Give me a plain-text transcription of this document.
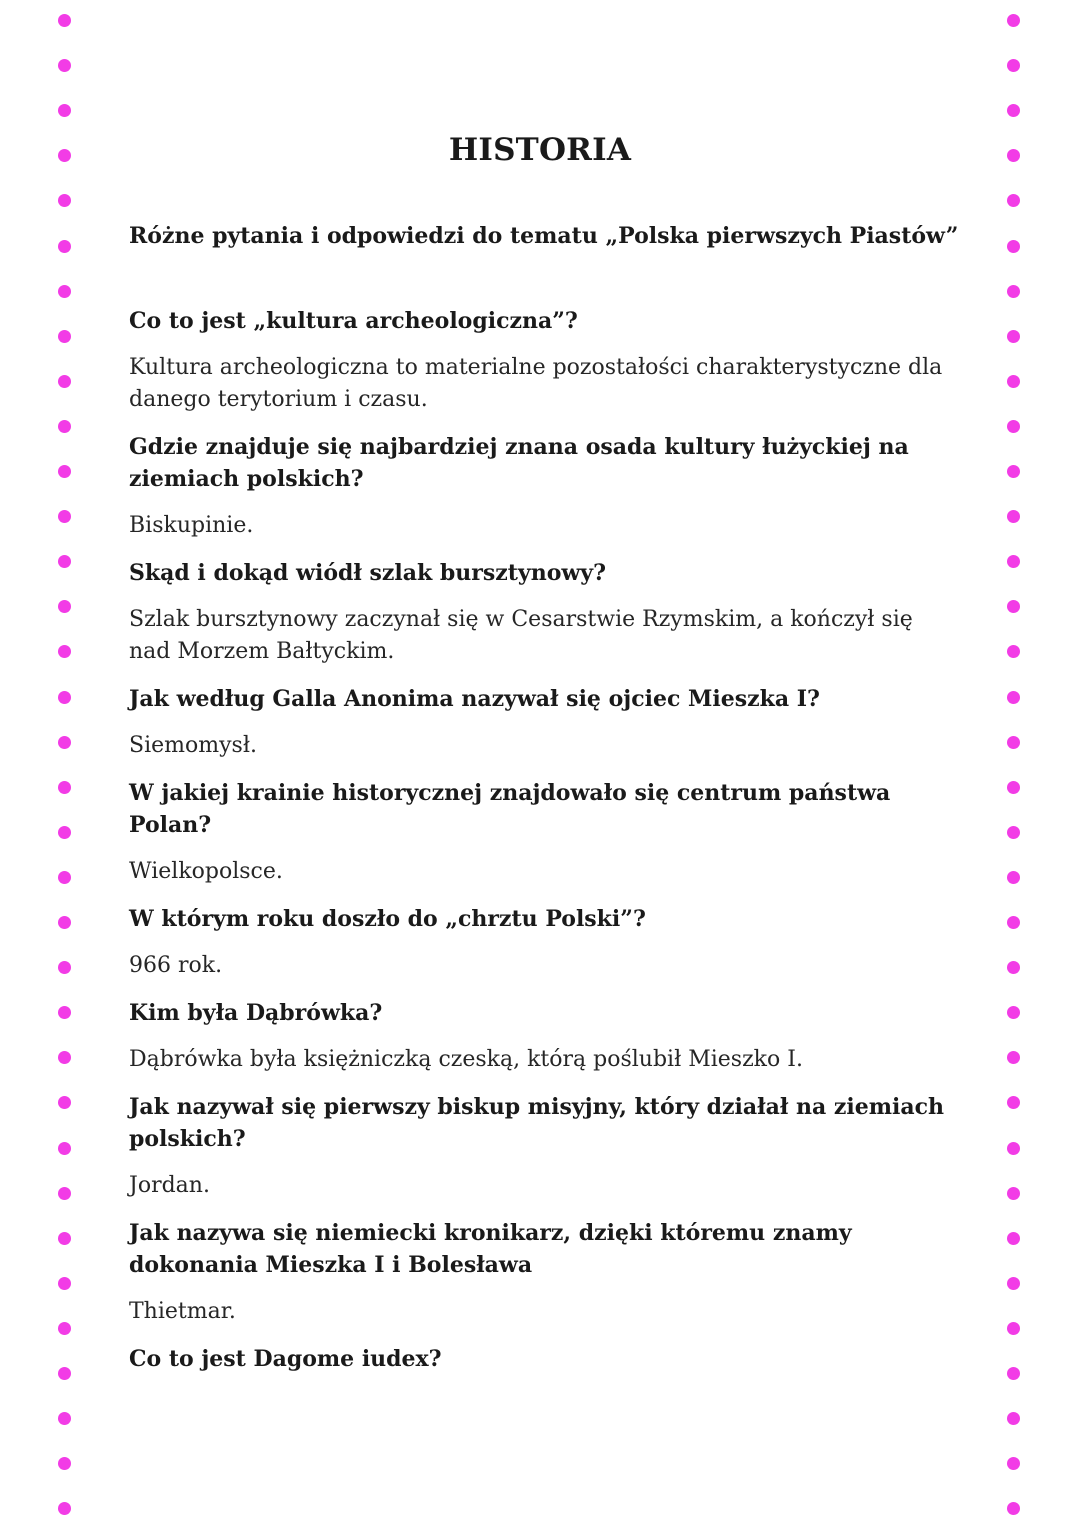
HISTORIA
Różne pytania i odpowiedzi do tematu „Polska pierwszych Piastów”
Co to jest „kultura archeologiczna”?
Kultura archeologiczna to materialne pozostałości charakterystyczne dla danego terytorium i czasu.
Gdzie znajduje się najbardziej znana osada kultury łużyckiej na ziemiach polskich?
Biskupinie.
Skąd i dokąd wiódł szlak bursztynowy?
Szlak bursztynowy zaczynał się w Cesarstwie Rzymskim, a kończył się nad Morzem Bałtyckim.
Jak według Galla Anonima nazywał się ojciec Mieszka I?
Siemomysł.
W jakiej krainie historycznej znajdowało się centrum państwa Polan?
Wielkopolsce.
W którym roku doszło do „chrztu Polski”?
966 rok.
Kim była Dąbrówka?
Dąbrówka była księżniczką czeską, którą poślubił Mieszko I.
Jak nazywał się pierwszy biskup misyjny, który działał na ziemiach polskich?
Jordan.
Jak nazywa się niemiecki kronikarz, dzięki któremu znamy dokonania Mieszka I i Bolesława
Thietmar.
Co to jest Dagome iudex?
